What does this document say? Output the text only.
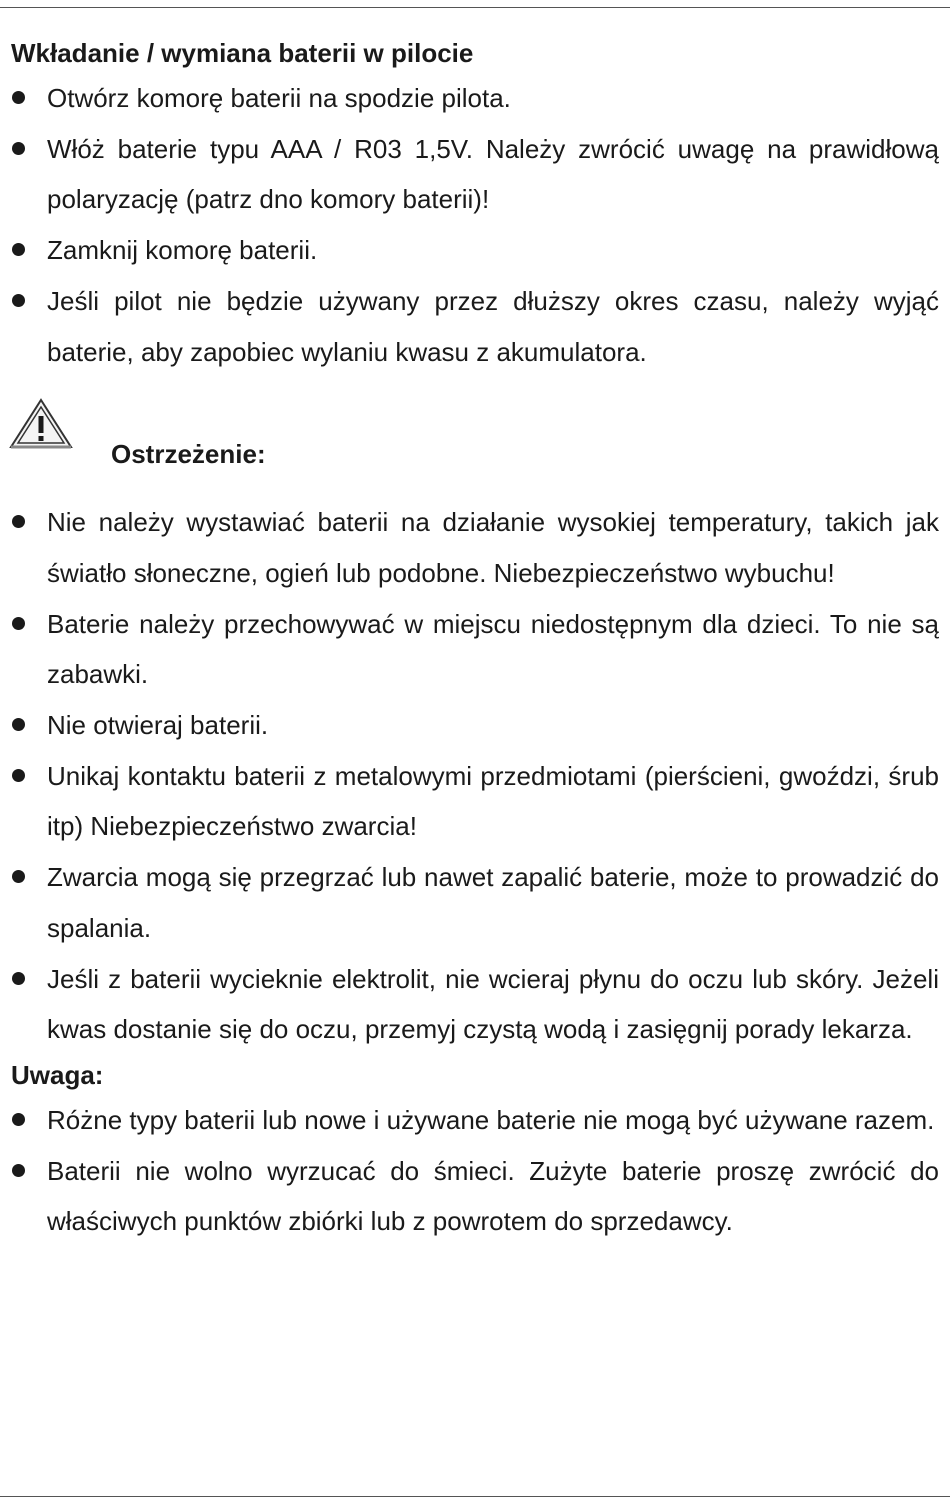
Wkładanie / wymiana baterii w pilocie
Otwórz komorę baterii na spodzie pilota.
Włóż baterie typu AAA / R03 1,5V. Należy zwrócić uwagę na prawidłową polaryzację (patrz dno komory baterii)!
Zamknij komorę baterii.
Jeśli pilot nie będzie używany przez dłuższy okres czasu, należy wyjąć baterie, aby zapobiec wylaniu kwasu z akumulatora.
Ostrzeżenie:
Nie należy wystawiać baterii na działanie wysokiej temperatury, takich jak światło słoneczne, ogień lub podobne. Niebezpieczeństwo wybuchu!
Baterie należy przechowywać w miejscu niedostępnym dla dzieci. To nie są zabawki.
Nie otwieraj baterii.
Unikaj kontaktu baterii z metalowymi przedmiotami (pierścieni, gwoździ, śrub itp) Niebezpieczeństwo zwarcia!
Zwarcia mogą się przegrzać lub nawet zapalić baterie, może to prowadzić do spalania.
Jeśli z baterii wycieknie elektrolit, nie wcieraj płynu do oczu lub skóry. Jeżeli kwas dostanie się do oczu, przemyj czystą wodą i zasięgnij porady lekarza.
Uwaga:
Różne typy baterii lub nowe i używane baterie nie mogą być używane razem.
Baterii nie wolno wyrzucać do śmieci. Zużyte baterie proszę zwrócić do właściwych punktów zbiórki lub z powrotem do sprzedawcy.
